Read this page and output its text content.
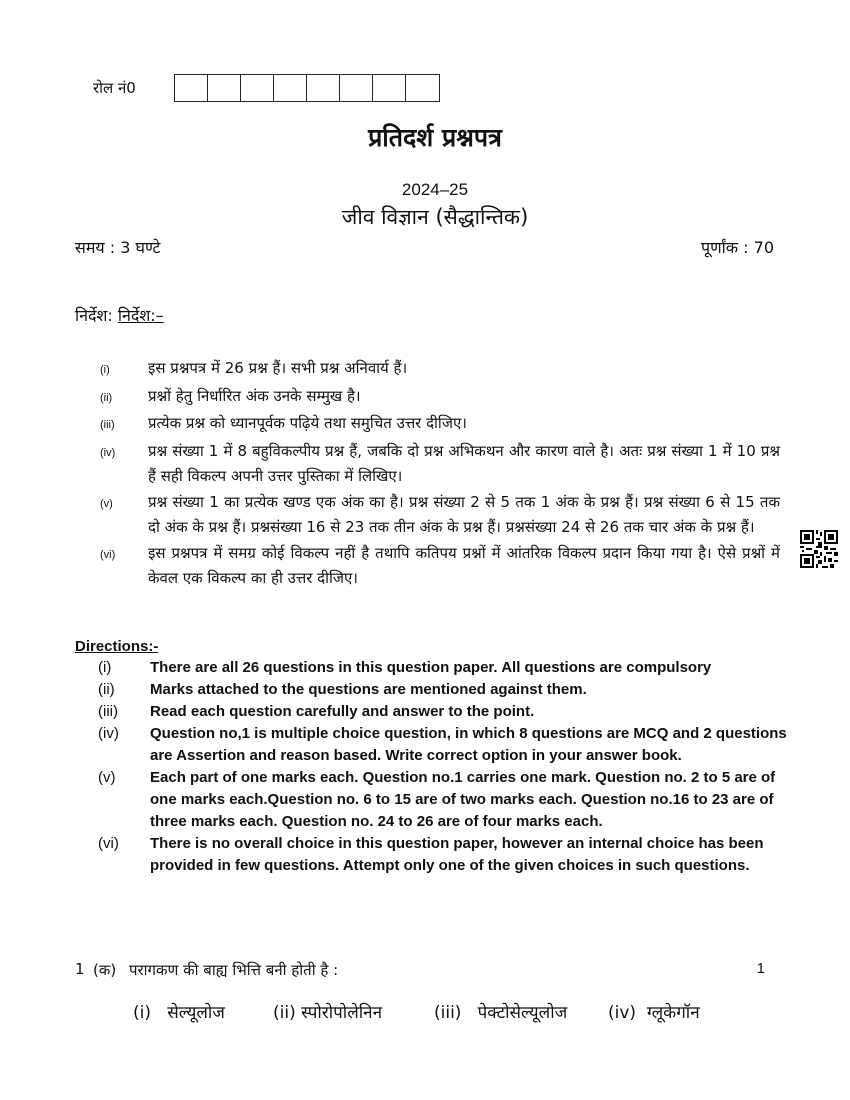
रोल नं0
प्रतिदर्श प्रश्नपत्र
2024–25
जीव विज्ञान (सैद्धान्तिक)
समय : 3 घण्टे	पूर्णांक : 70
निर्देश: निर्देश:–
(i)	इस प्रश्नपत्र में 26 प्रश्न हैं। सभी प्रश्न अनिवार्य हैं।
(ii)	प्रश्नों हेतु निर्धारित अंक उनके सम्मुख है।
(iii)	प्रत्येक प्रश्न को ध्यानपूर्वक पढ़िये तथा समुचित उत्तर दीजिए।
(iv)	प्रश्न संख्या 1 में 8 बहुविकल्पीय प्रश्न हैं, जबकि दो प्रश्न अभिकथन और कारण वाले है। अतः प्रश्न संख्या 1 में 10 प्रश्न हैं सही विकल्प अपनी उत्तर पुस्तिका में लिखिए।
(v)	प्रश्न संख्या 1 का प्रत्येक खण्ड एक अंक का है। प्रश्न संख्या 2 से 5 तक 1 अंक के प्रश्न हैं। प्रश्न संख्या 6 से 15 तक दो अंक के प्रश्न हैं। प्रश्नसंख्या 16 से 23 तक तीन अंक के प्रश्न हैं। प्रश्नसंख्या 24 से 26 तक चार अंक के प्रश्न हैं।
(vi)	इस प्रश्नपत्र में समग्र कोई विकल्प नहीं है तथापि कतिपय प्रश्नों में आंतरिक विकल्प प्रदान किया गया है। ऐसे प्रश्नों में केवल एक विकल्प का ही उत्तर दीजिए।
Directions:-
(i)	There are all 26 questions in this question paper. All questions are compulsory
(ii)	Marks attached to the questions are mentioned against them.
(iii)	Read each question carefully and answer to the point.
(iv)	Question no,1 is multiple choice question, in which 8 questions are MCQ and 2 questions are Assertion and reason based. Write correct option in your answer book.
(v)	Each part of one marks each. Question no.1 carries one mark. Question no. 2 to 5 are of one marks each.Question no. 6 to 15 are of two marks each. Question no.16 to 23 are of three marks each. Question no. 24 to 26 are of four marks each.
(vi)	There is no overall choice in this question paper, however an internal choice has been provided in few questions. Attempt only one of the given choices in such questions.
1 (क) परागकण की बाह्य भित्ति बनी होती है :	1
(i) सेल्यूलोज	(ii) स्पोरोपोलेनिन	(iii) पेक्टोसेल्यूलोज (iv) ग्लूकेगॉन
